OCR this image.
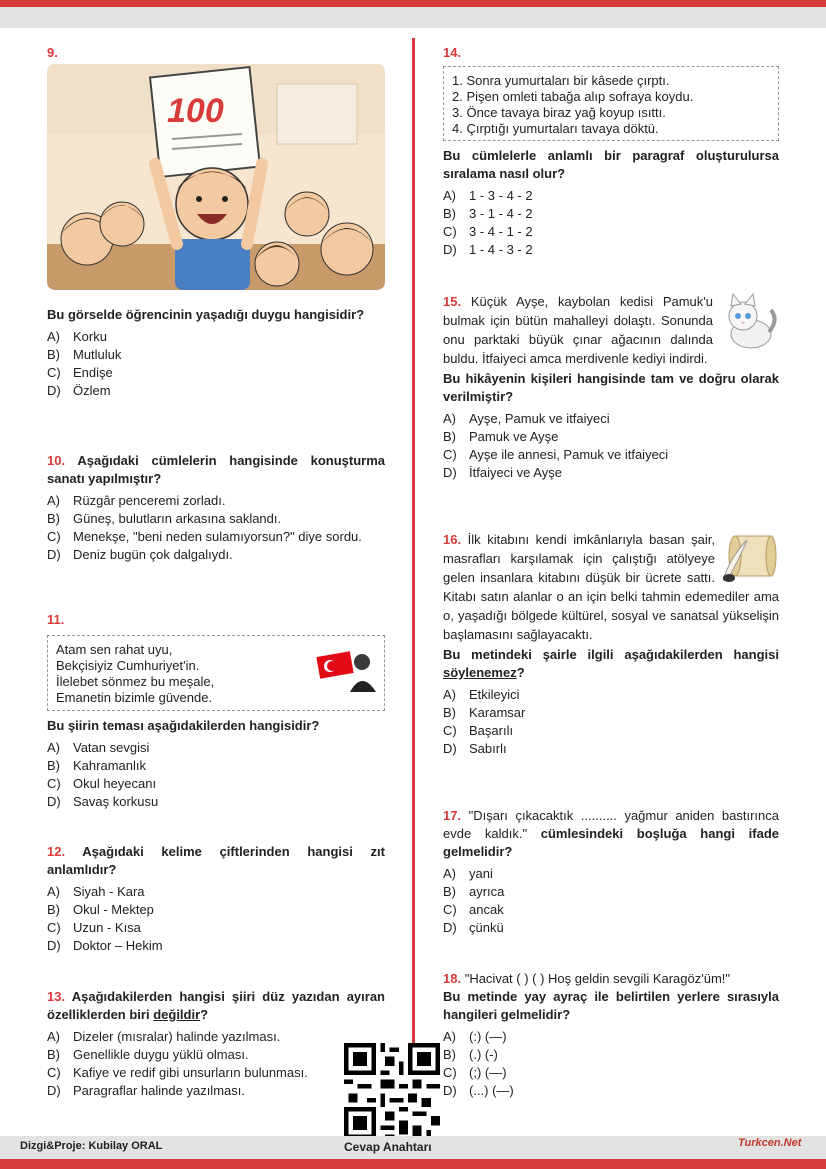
9.
100
Bu görselde öğrencinin yaşadığı duygu hangisidir?
A)	Korku
B)	Mutluluk
C) Endişe
D) Özlem
10. Aşağıdaki cümlelerin hangisinde konuşturma sanatı yapılmıştır?
A)	Rüzgâr penceremi zorladı.
B)	Güneş, bulutların arkasına saklandı.
C) Menekşe, "beni neden sulamıyorsun?" diye sordu.
D) Deniz bugün çok dalgalıydı.
11.
Atam sen rahat uyu,
Bekçisiyiz Cumhuriyet'in.
İlelebet sönmez bu meşale,
Emanetin bizimle güvende.
Bu şiirin teması aşağıdakilerden hangisidir?
A)	Vatan sevgisi
B)	Kahramanlık
C) Okul heyecanı
D) Savaş korkusu
12. Aşağıdaki kelime çiftlerinden hangisi zıt anlamlıdır?
A)	Siyah - Kara
B)	Okul - Mektep
C) Uzun - Kısa
D) Doktor – Hekim
13. Aşağıdakilerden hangisi şiiri düz yazıdan ayıran özelliklerden biri değildir?
A)	Dizeler (mısralar) halinde yazılması.
B)	Genellikle duygu yüklü olması.
C) Kafiye ve redif gibi unsurların bulunması.
D) Paragraflar halinde yazılması.
14.
1. Sonra yumurtaları bir kâsede çırptı.
2. Pişen omleti tabağa alıp sofraya koydu.
3. Önce tavaya biraz yağ koyup ısıttı.
4. Çırptığı yumurtaları tavaya döktü.
Bu cümlelerle anlamlı bir paragraf oluşturulursa sıralama nasıl olur?
A)	1 - 3 - 4 - 2
B)	3 - 1 - 4 - 2
C) 3 - 4 - 1 - 2
D) 1 - 4 - 3 - 2
15. Küçük Ayşe, kaybolan kedisi Pamuk'u bulmak için bütün mahalleyi dolaştı. Sonunda onu parktaki büyük çınar ağacının dalında buldu. İtfaiyeci amca merdivenle kediyi indirdi.
Bu hikâyenin kişileri hangisinde tam ve doğru olarak verilmiştir?
A)	Ayşe, Pamuk ve itfaiyeci
B)	Pamuk ve Ayşe
C) Ayşe ile annesi, Pamuk ve itfaiyeci
D) İtfaiyeci ve Ayşe
16. İlk kitabını kendi imkânlarıyla basan şair, masrafları karşılamak için çalıştığı atölyeye gelen insanlara kitabını düşük bir ücrete sattı. Kitabı satın alanlar o an için belki tahmin edemediler ama o, yaşadığı bölgede kültürel, sosyal ve sanatsal yükselişin başlamasını sağlayacaktı.
Bu metindeki şairle ilgili aşağıdakilerden hangisi söylenemez?
A)	Etkileyici
B)	Karamsar
C) Başarılı
D) Sabırlı
17. "Dışarı çıkacaktık .......... yağmur aniden bastırınca evde kaldık." cümlesindeki boşluğa hangi ifade gelmelidir?
A)	yani
B)	ayrıca
C) ancak
D) çünkü
18. "Hacivat ( ) ( ) Hoş geldin sevgili Karagöz'üm!"
Bu metinde yay ayraç ile belirtilen yerlere sırasıyla hangileri gelmelidir?
A)	(:) (—)
B)	(.) (-)
C) (;) (—)
D) (...) (—)
Dizgi&Proje: Kubilay ORAL	Cevap Anahtarı	Turkcen.Net
